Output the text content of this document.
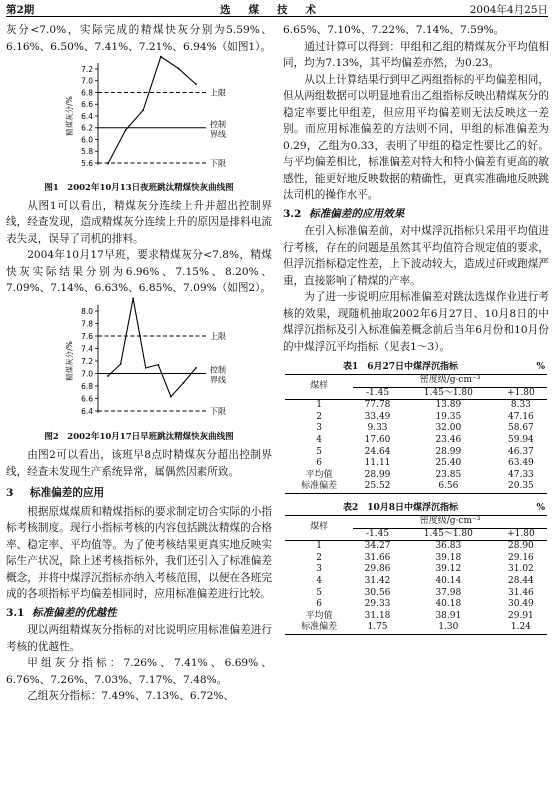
第2期	选煤技术	2004年4月25日

灰分<7.0%，实际完成的精煤快灰分别为5.59%、6.16%、6.50%、7.41%、7.21%、6.94%（如图1）。

5.6
5.8
6.0
6.2
6.4
6.6
6.8
7.0
7.2
精煤灰分/%
上限
控制
界线
下限
图1　2002年10月13日夜班跳汰精煤快灰曲线图

从图1可以看出，精煤灰分连续上升并超出控制界线，经查发现，造成精煤灰分连续上升的原因是排料电流表失灵，误导了司机的排料。

2004年10月17早班，要求精煤灰分<7.8%，精煤快灰实际结果分别为6.96%、7.15%、8.20%、7.09%、7.14%、6.63%、6.85%、7.09%（如图2）。

6.4
6.6
6.8
7.0
7.2
7.4
7.6
7.8
8.0
精煤灰分/%
上限
控制
界线
下限
图2　2002年10月17日早班跳汰精煤快灰曲线图

由图2可以看出，该班早8点时精煤灰分超出控制界线，经查未发现生产系统异常，属偶然因素所致。

3 标准偏差的应用

根据原煤煤质和精煤指标的要求制定切合实际的小指标考核制度。现行小指标考核的内容包括跳汰精煤的合格率、稳定率、平均值等。为了使考核结果更真实地反映实际生产状况，除上述考核指标外，我们还引入了标准偏差概念，并将中煤浮沉指标亦纳入考核范围，以便在各班完成的各项指标平均偏差相同时，应用标准偏差进行比较。

3.1 标准偏差的优越性

现以两组精煤灰分指标的对比说明应用标准偏差进行考核的优越性。

甲组灰分指标：7.26%、7.41%、6.69%、6.76%、7.26%、7.03%、7.17%、7.48%。

乙组灰分指标：7.49%、7.13%、6.72%、

6.65%、7.10%、7.22%、7.14%、7.59%。

通过计算可以得到：甲组和乙组的精煤灰分平均值相同，均为7.13%，其平均偏差亦然，为0.23。

从以上计算结果行到甲乙两组指标的平均偏差相同，但从两组数据可以明显地看出乙组指标反映出精煤灰分的稳定率要比甲组差，但应用平均偏差则无法反映这一差别。而应用标准偏差的方法则不同，甲组的标准偏差为0.29，乙组为0.33，表明了甲组的稳定性要比乙的好。与平均偏差相比，标准偏差对特大和特小偏差有更高的敏感性，能更好地反映数据的精确性，更真实准确地反映跳汰司机的操作水平。

3.2 标准偏差的应用效果

在引入标准偏差前，对中煤浮沉指标只采用平均值进行考核，存在的问题是虽然其平均值符合规定值的要求，但浮沉指标稳定性差，上下波动较大，造成过矸或跑煤严重，直接影响了精煤的产率。

为了进一步说明应用标准偏差对跳汰选煤作业进行考核的效果，现随机抽取2002年6月27日、10月8日的中煤浮沉指标及引入标准偏差概念前后当年6月份和10月份的中煤浮沉平均指标（见表1～3）。

表1　6月27日中煤浮沉指标	%
煤样	密度级/g·cm⁻³		
	-1.45	1.45～1.80	+1.80
1	77.78	13.89	8.33
2	33.49	19.35	47.16
3	9.33	32.00	58.67
4	17.60	23.46	59.94
5	24.64	28.99	46.37
6	11.11	25.40	63.49
平均值	28.99	23.85	47.33
标准偏差	25.52	6.56	20.35
表2　10月8日中煤浮沉指标	%
煤样	密度级/g·cm⁻³		
	-1.45	1.45～1.80	+1.80
1	34.27	36.83	28.90
2	31.66	39.18	29.16
3	29.86	39.12	31.02
4	31.42	40.14	28.44
5	30.56	37.98	31.46
6	29.33	40.18	30.49
平均值	31.18	38.91	29.91
标准偏差	1.75	1.30	1.24
